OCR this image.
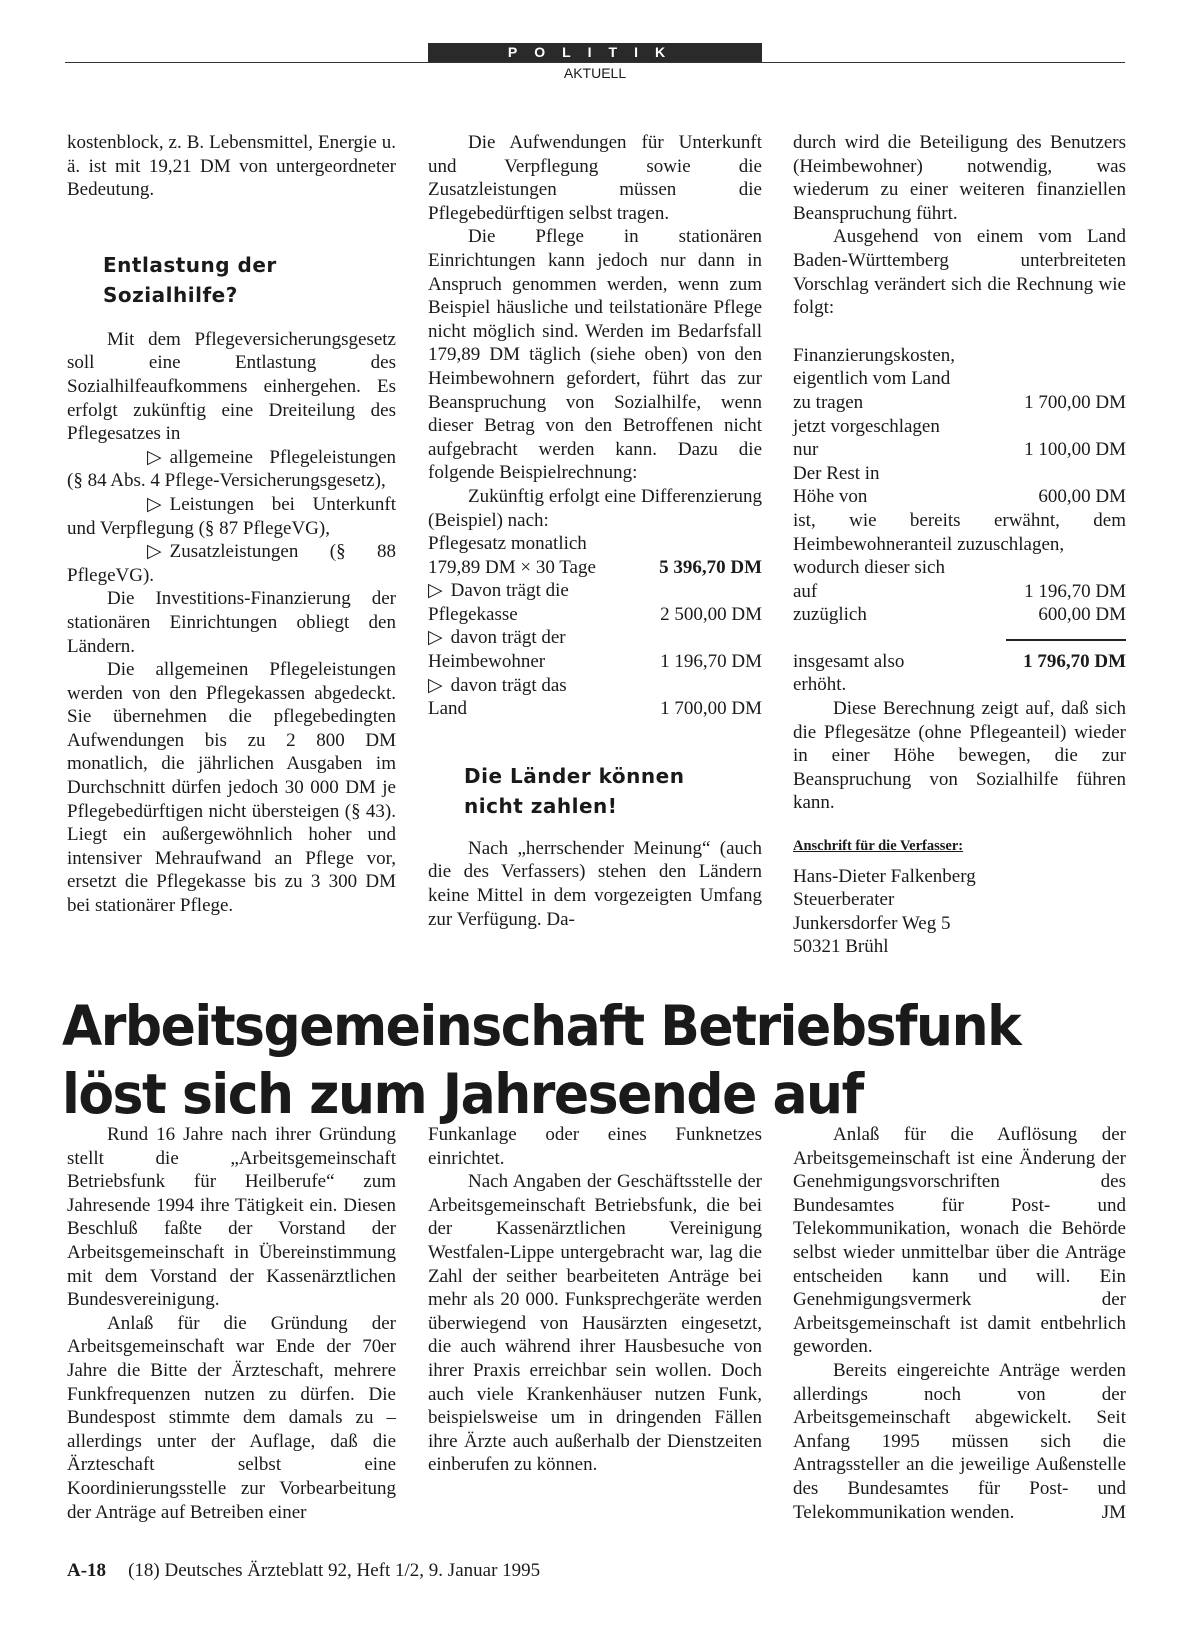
POLITIK
AKTUELL

kostenblock, z. B. Lebensmittel, Energie u. ä. ist mit 19,21 DM von untergeordneter Bedeutung.

Entlastung der
Sozialhilfe?

Mit dem Pflegeversicherungsgesetz soll eine Entlastung des Sozialhilfeaufkommens einhergehen. Es erfolgt zukünftig eine Dreiteilung des Pflegesatzes in

▷ allgemeine Pflegeleistungen (§ 84 Abs. 4 Pflege-Versicherungsgesetz),

▷ Leistungen bei Unterkunft und Verpflegung (§ 87 PflegeVG),

▷ Zusatzleistungen (§ 88 PflegeVG).

Die Investitions-Finanzierung der stationären Einrichtungen obliegt den Ländern.

Die allgemeinen Pflegeleistungen werden von den Pflegekassen abgedeckt. Sie übernehmen die pflegebedingten Aufwendungen bis zu 2 800 DM monatlich, die jährlichen Ausgaben im Durchschnitt dürfen jedoch 30 000 DM je Pflegebedürftigen nicht übersteigen (§ 43). Liegt ein außergewöhnlich hoher und intensiver Mehraufwand an Pflege vor, ersetzt die Pflegekasse bis zu 3 300 DM bei stationärer Pflege.

Die Aufwendungen für Unterkunft und Verpflegung sowie die Zusatzleistungen müssen die Pflegebedürftigen selbst tragen.

Die Pflege in stationären Einrichtungen kann jedoch nur dann in Anspruch genommen werden, wenn zum Beispiel häusliche und teilstationäre Pflege nicht möglich sind. Werden im Bedarfsfall 179,89 DM täglich (siehe oben) von den Heimbewohnern gefordert, führt das zur Beanspruchung von Sozialhilfe, wenn dieser Betrag von den Betroffenen nicht aufgebracht werden kann. Dazu die folgende Beispielrechnung:

Zukünftig erfolgt eine Differenzierung (Beispiel) nach:

Pflegesatz monatlich
179,89 DM × 30 Tage	5 396,70 DM
▷ Davon trägt die
Pflegekasse	2 500,00 DM
▷ davon trägt der
Heimbewohner	1 196,70 DM
▷ davon trägt das
Land	1 700,00 DM
Die Länder können
nicht zahlen!

Nach „herrschender Meinung“ (auch die des Verfassers) stehen den Ländern keine Mittel in dem vorgezeigten Umfang zur Verfügung. Da-

durch wird die Beteiligung des Benutzers (Heimbewohner) notwendig, was wiederum zu einer weiteren finanziellen Beanspruchung führt.

Ausgehend von einem vom Land Baden-Württemberg unterbreiteten Vorschlag verändert sich die Rechnung wie folgt:

Finanzierungskosten,
eigentlich vom Land
zu tragen	1 700,00 DM
jetzt vorgeschlagen
nur	1 100,00 DM
Der Rest in
Höhe von	600,00 DM
ist, wie bereits erwähnt, dem Heimbewohneranteil zuzuschlagen,
wodurch dieser sich
auf	1 196,70 DM
zuzüglich	600,00 DM
insgesamt also	1 796,70 DM
erhöht.

Diese Berechnung zeigt auf, daß sich die Pflegesätze (ohne Pflegeanteil) wieder in einer Höhe bewegen, die zur Beanspruchung von Sozialhilfe führen kann.

Anschrift für die Verfasser:
Hans-Dieter Falkenberg
Steuerberater
Junkersdorfer Weg 5
50321 Brühl
Arbeitsgemeinschaft Betriebsfunk
löst sich zum Jahresende auf

Rund 16 Jahre nach ihrer Gründung stellt die „Arbeitsgemeinschaft Betriebsfunk für Heilberufe“ zum Jahresende 1994 ihre Tätigkeit ein. Diesen Beschluß faßte der Vorstand der Arbeitsgemeinschaft in Übereinstimmung mit dem Vorstand der Kassenärztlichen Bundesvereinigung.

Anlaß für die Gründung der Arbeitsgemeinschaft war Ende der 70er Jahre die Bitte der Ärzteschaft, mehrere Funkfrequenzen nutzen zu dürfen. Die Bundespost stimmte dem damals zu – allerdings unter der Auflage, daß die Ärzteschaft selbst eine Koordinierungsstelle zur Vorbearbeitung der Anträge auf Betreiben einer

Funkanlage oder eines Funknetzes einrichtet.

Nach Angaben der Geschäftsstelle der Arbeitsgemeinschaft Betriebsfunk, die bei der Kassenärztlichen Vereinigung Westfalen-Lippe untergebracht war, lag die Zahl der seither bearbeiteten Anträge bei mehr als 20 000. Funksprechgeräte werden überwiegend von Hausärzten eingesetzt, die auch während ihrer Hausbesuche von ihrer Praxis erreichbar sein wollen. Doch auch viele Krankenhäuser nutzen Funk, beispielsweise um in dringenden Fällen ihre Ärzte auch außerhalb der Dienstzeiten einberufen zu können.

Anlaß für die Auflösung der Arbeitsgemeinschaft ist eine Änderung der Genehmigungsvorschriften des Bundesamtes für Post- und Telekommunikation, wonach die Behörde selbst wieder unmittelbar über die Anträge entscheiden kann und will. Ein Genehmigungsvermerk der Arbeitsgemeinschaft ist damit entbehrlich geworden.

Bereits eingereichte Anträge werden allerdings noch von der Arbeitsgemeinschaft abgewickelt. Seit Anfang 1995 müssen sich die Antragssteller an die jeweilige Außenstelle des Bundesamtes für Post- und Telekommunikation wenden.	JM

A-18 (18) Deutsches Ärzteblatt 92, Heft 1/2, 9. Januar 1995
